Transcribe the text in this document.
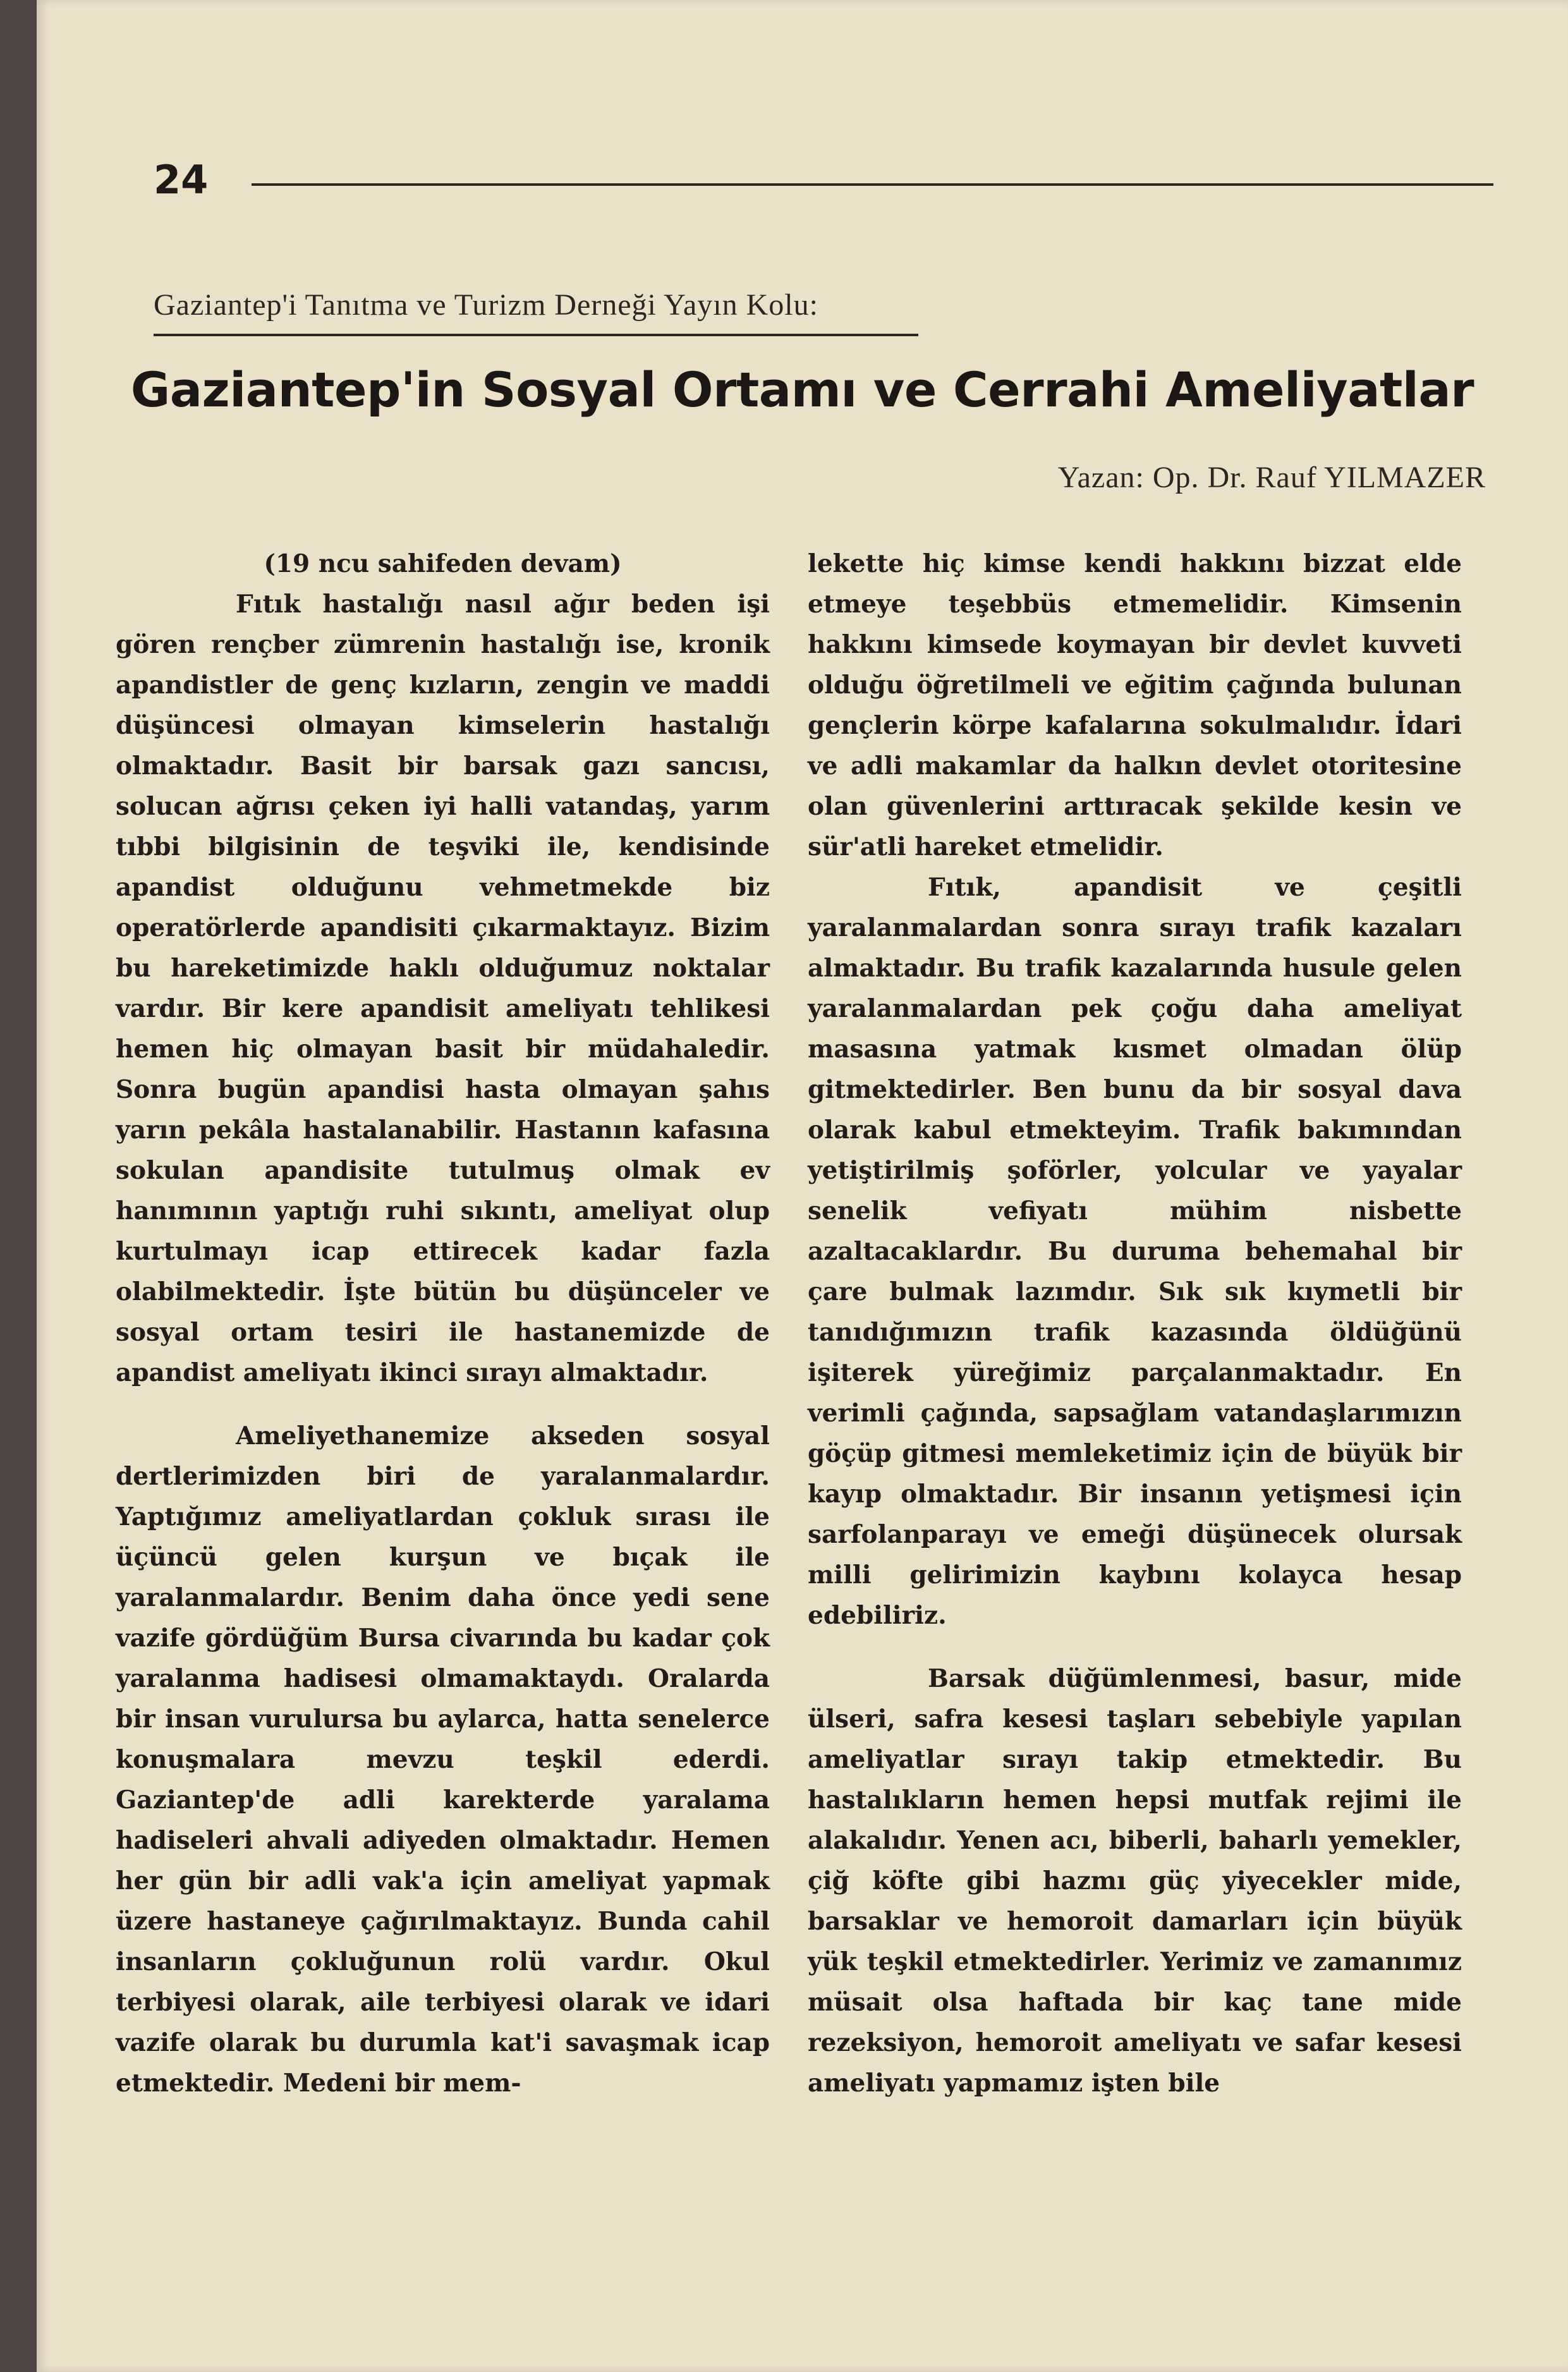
24
Gaziantep'i Tanıtma ve Turizm Derneği Yayın Kolu:
Gaziantep'in Sosyal Ortamı ve Cerrahi Ameliyatlar
Yazan: Op. Dr. Rauf YILMAZER

(19 ncu sahifeden devam)

Fıtık hastalığı nasıl ağır beden işi gören rençber zümrenin hastalığı ise, kronik apandistler de genç kızların, zengin ve maddi düşüncesi olmayan kimselerin hastalığı olmaktadır. Basit bir barsak gazı sancısı, solucan ağrısı çeken iyi halli vatandaş, yarım tıbbi bilgisinin de teşviki ile, kendisinde apandist olduğunu vehmetmekde biz operatörlerde apandisiti çıkarmaktayız. Bizim bu hareketimizde haklı olduğumuz noktalar vardır. Bir kere apandisit ameliyatı tehlikesi hemen hiç olmayan basit bir müdahaledir. Sonra bugün apandisi hasta olmayan şahıs yarın pekâla hastalanabilir. Hastanın kafasına sokulan apandisite tutulmuş olmak ev hanımının yaptığı ruhi sıkıntı, ameliyat olup kurtulmayı icap ettirecek kadar fazla olabilmektedir. İşte bütün bu düşünceler ve sosyal ortam tesiri ile hastanemizde de apandist ameliyatı ikinci sırayı almaktadır.

Ameliyethanemize akseden sosyal dertlerimizden biri de yaralanmalardır. Yaptığımız ameliyatlardan çokluk sırası ile üçüncü gelen kurşun ve bıçak ile yaralanmalardır. Benim daha önce yedi sene vazife gördüğüm Bursa civarında bu kadar çok yaralanma hadisesi olmamaktaydı. Oralarda bir insan vurulursa bu aylarca, hatta senelerce konuşmalara mevzu teşkil ederdi. Gaziantep'de adli karekterde yaralama hadiseleri ahvali adiyeden olmaktadır. Hemen her gün bir adli vak'a için ameliyat yapmak üzere hastaneye çağırılmaktayız. Bunda cahil insanların çokluğunun rolü vardır. Okul terbiyesi olarak, aile terbiyesi olarak ve idari vazife olarak bu durumla kat'i savaşmak icap etmektedir. Medeni bir mem-

lekette hiç kimse kendi hakkını bizzat elde etmeye teşebbüs etmemelidir. Kimsenin hakkını kimsede koymayan bir devlet kuvveti olduğu öğretilmeli ve eğitim çağında bulunan gençlerin körpe kafalarına sokulmalıdır. İdari ve adli makamlar da halkın devlet otoritesine olan güvenlerini arttıracak şekilde kesin ve sür'atli hareket etmelidir.

Fıtık, apandisit ve çeşitli yaralanmalardan sonra sırayı trafik kazaları almaktadır. Bu trafik kazalarında husule gelen yaralanmalardan pek çoğu daha ameliyat masasına yatmak kısmet olmadan ölüp gitmektedirler. Ben bunu da bir sosyal dava olarak kabul etmekteyim. Trafik bakımından yetiştirilmiş şoförler, yolcular ve yayalar senelik vefiyatı mühim nisbette azaltacaklardır. Bu duruma behemahal bir çare bulmak lazımdır. Sık sık kıymetli bir tanıdığımızın trafik kazasında öldüğünü işiterek yüreğimiz parçalanmaktadır. En verimli çağında, sapsağlam vatandaşlarımızın göçüp gitmesi memleketimiz için de büyük bir kayıp olmaktadır. Bir insanın yetişmesi için sarfolanparayı ve emeği düşünecek olursak milli gelirimizin kaybını kolayca hesap edebiliriz.

Barsak düğümlenmesi, basur, mide ülseri, safra kesesi taşları sebebiyle yapılan ameliyatlar sırayı takip etmektedir. Bu hastalıkların hemen hepsi mutfak rejimi ile alakalıdır. Yenen acı, biberli, baharlı yemekler, çiğ köfte gibi hazmı güç yiyecekler mide, barsaklar ve hemoroit damarları için büyük yük teşkil etmektedirler. Yerimiz ve zamanımız müsait olsa haftada bir kaç tane mide rezeksiyon, hemoroit ameliyatı ve safar kesesi ameliyatı yapmamız işten bile
